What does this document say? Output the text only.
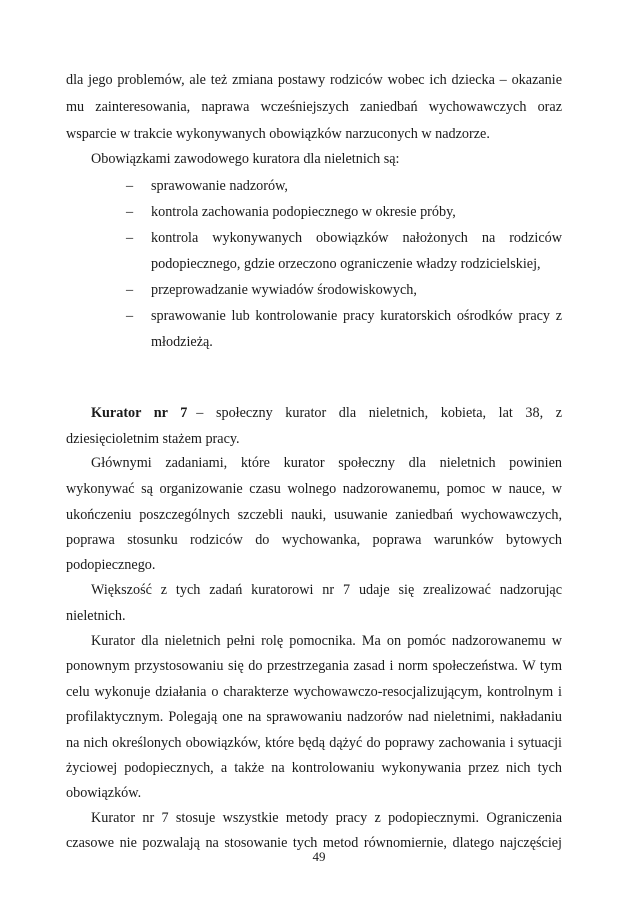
dla jego problemów, ale też zmiana postawy rodziców wobec ich dziecka – okazanie
mu zainteresowania, naprawa wcześniejszych zaniedbań wychowawczych oraz
wsparcie w trakcie wykonywanych obowiązków narzuconych w nadzorze.
Obowiązkami zawodowego kuratora dla nieletnich są:
– sprawowanie nadzorów,
– kontrola zachowania podopiecznego w okresie próby,
– kontrola wykonywanych obowiązków nałożonych na rodziców
podopiecznego, gdzie orzeczono ograniczenie władzy rodzicielskiej,
– przeprowadzanie wywiadów środowiskowych,
– sprawowanie lub kontrolowanie pracy kuratorskich ośrodków pracy z
młodzieżą.
Kurator nr 7 – społeczny kurator dla nieletnich, kobieta, lat 38, z
dziesięcioletnim stażem pracy.
Głównymi zadaniami, które kurator społeczny dla nieletnich powinien
wykonywać są organizowanie czasu wolnego nadzorowanemu, pomoc w nauce, w
ukończeniu poszczególnych szczebli nauki, usuwanie zaniedbań wychowawczych,
poprawa stosunku rodziców do wychowanka, poprawa warunków bytowych
podopiecznego.
Większość z tych zadań kuratorowi nr 7 udaje się zrealizować nadzorując
nieletnich.
Kurator dla nieletnich pełni rolę pomocnika. Ma on pomóc nadzorowanemu w
ponownym przystosowaniu się do przestrzegania zasad i norm społeczeństwa. W tym
celu wykonuje działania o charakterze wychowawczo-resocjalizującym, kontrolnym i
profilaktycznym. Polegają one na sprawowaniu nadzorów nad nieletnimi, nakładaniu
na nich określonych obowiązków, które będą dążyć do poprawy zachowania i sytuacji
życiowej podopiecznych, a także na kontrolowaniu wykonywania przez nich tych
obowiązków.
Kurator nr 7 stosuje wszystkie metody pracy z podopiecznymi. Ograniczenia
czasowe nie pozwalają na stosowanie tych metod równomiernie, dlatego najczęściej
49
